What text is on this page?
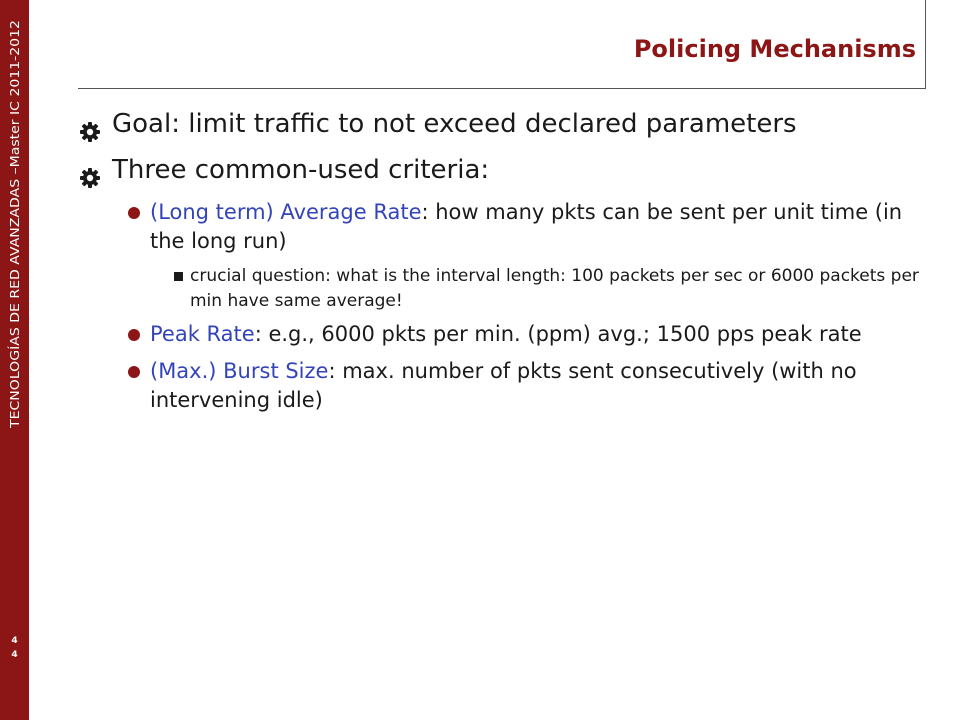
TECNOLOGÍAS DE RED AVANZADAS –Master IC 2011-2012
4
4
Policing Mechanisms
Goal: limit traffic to not exceed declared parameters
Three common-used criteria:
(Long term) Average Rate: how many pkts can be sent per unit time (in the long run)
crucial question: what is the interval length: 100 packets per sec or 6000 packets per min have same average!
Peak Rate: e.g., 6000 pkts per min. (ppm) avg.; 1500 pps peak rate
(Max.) Burst Size: max. number of pkts sent consecutively (with no intervening idle)
